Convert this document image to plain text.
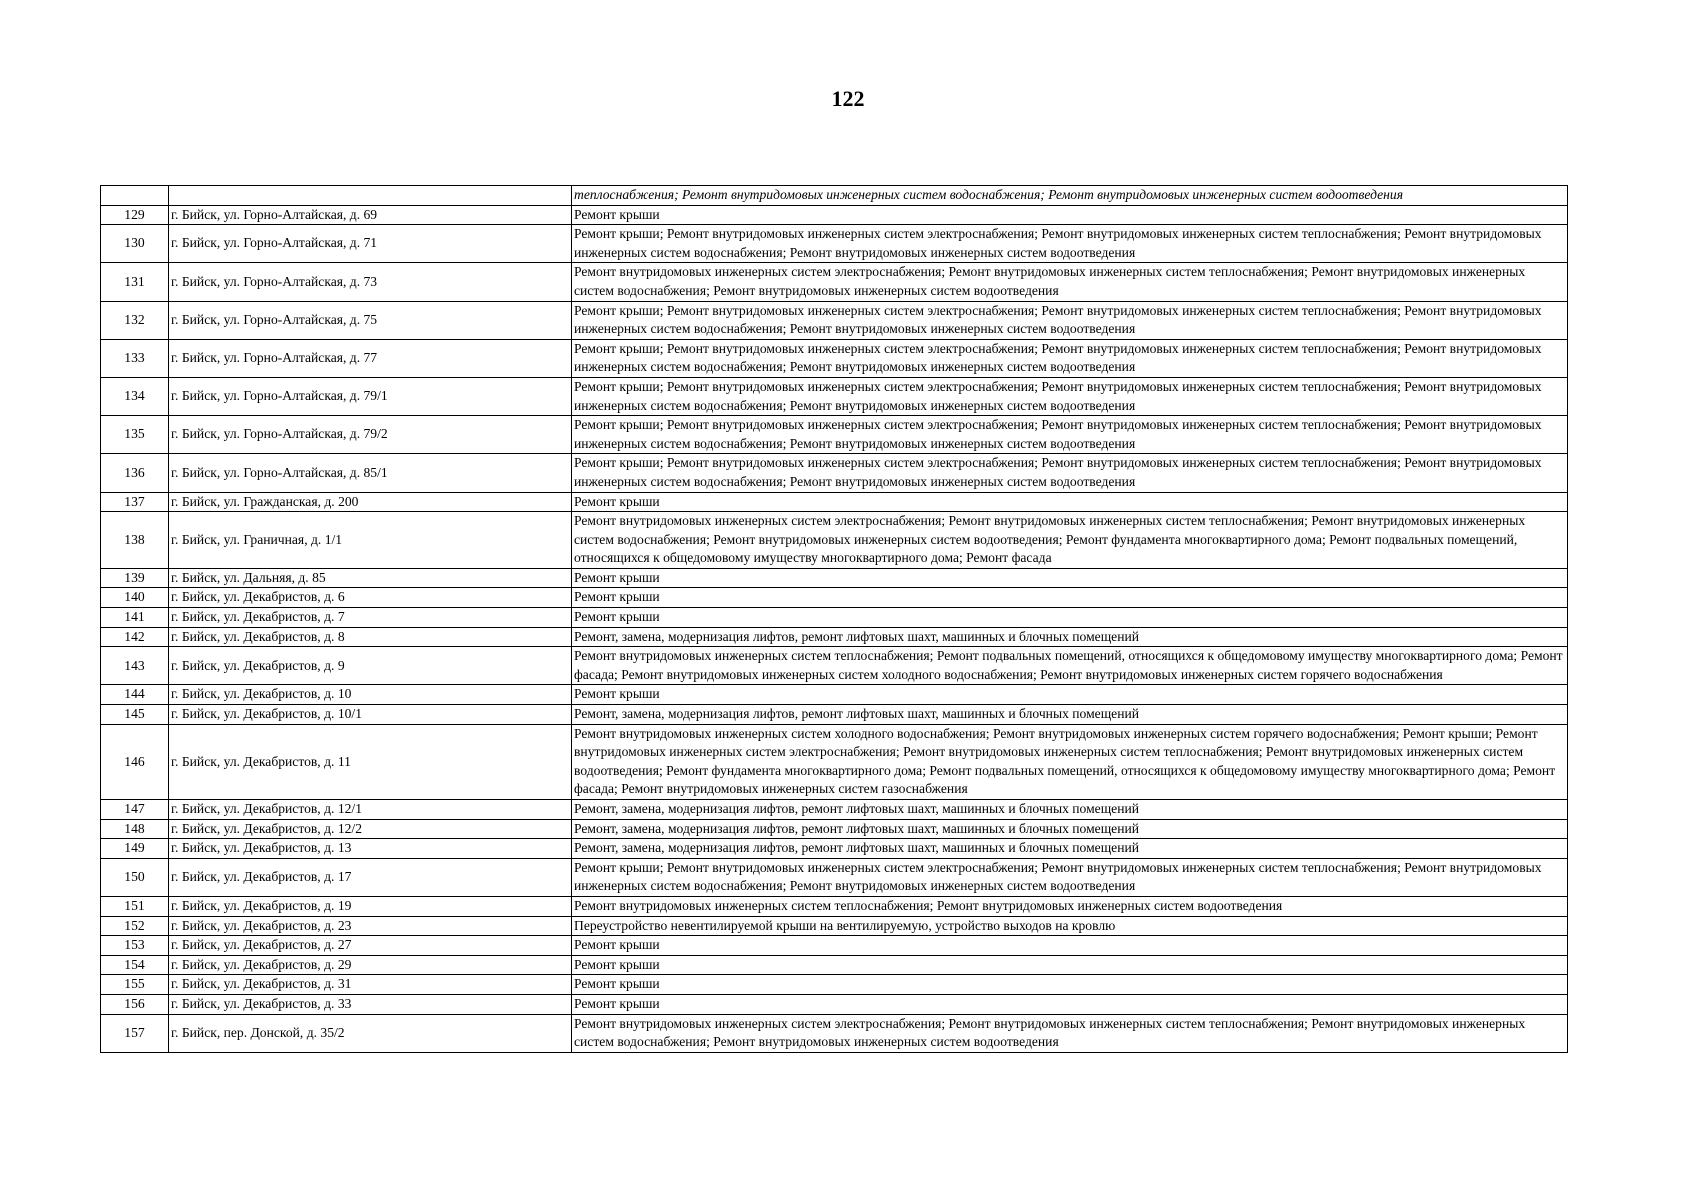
122
		теплоснабжения; Ремонт внутридомовых инженерных систем водоснабжения; Ремонт внутридомовых инженерных систем водоотведения
129	г. Бийск, ул. Горно-Алтайская, д. 69	Ремонт крыши
130	г. Бийск, ул. Горно-Алтайская, д. 71	Ремонт крыши; Ремонт внутридомовых инженерных систем электроснабжения; Ремонт внутридомовых инженерных систем теплоснабжения; Ремонт внутридомовых инженерных систем водоснабжения; Ремонт внутридомовых инженерных систем водоотведения
131	г. Бийск, ул. Горно-Алтайская, д. 73	Ремонт внутридомовых инженерных систем электроснабжения; Ремонт внутридомовых инженерных систем теплоснабжения; Ремонт внутридомовых инженерных систем водоснабжения; Ремонт внутридомовых инженерных систем водоотведения
132	г. Бийск, ул. Горно-Алтайская, д. 75	Ремонт крыши; Ремонт внутридомовых инженерных систем электроснабжения; Ремонт внутридомовых инженерных систем теплоснабжения; Ремонт внутридомовых инженерных систем водоснабжения; Ремонт внутридомовых инженерных систем водоотведения
133	г. Бийск, ул. Горно-Алтайская, д. 77	Ремонт крыши; Ремонт внутридомовых инженерных систем электроснабжения; Ремонт внутридомовых инженерных систем теплоснабжения; Ремонт внутридомовых инженерных систем водоснабжения; Ремонт внутридомовых инженерных систем водоотведения
134	г. Бийск, ул. Горно-Алтайская, д. 79/1	Ремонт крыши; Ремонт внутридомовых инженерных систем электроснабжения; Ремонт внутридомовых инженерных систем теплоснабжения; Ремонт внутридомовых инженерных систем водоснабжения; Ремонт внутридомовых инженерных систем водоотведения
135	г. Бийск, ул. Горно-Алтайская, д. 79/2	Ремонт крыши; Ремонт внутридомовых инженерных систем электроснабжения; Ремонт внутридомовых инженерных систем теплоснабжения; Ремонт внутридомовых инженерных систем водоснабжения; Ремонт внутридомовых инженерных систем водоотведения
136	г. Бийск, ул. Горно-Алтайская, д. 85/1	Ремонт крыши; Ремонт внутридомовых инженерных систем электроснабжения; Ремонт внутридомовых инженерных систем теплоснабжения; Ремонт внутридомовых инженерных систем водоснабжения; Ремонт внутридомовых инженерных систем водоотведения
137	г. Бийск, ул. Гражданская, д. 200	Ремонт крыши
138	г. Бийск, ул. Граничная, д. 1/1	Ремонт внутридомовых инженерных систем электроснабжения; Ремонт внутридомовых инженерных систем теплоснабжения; Ремонт внутридомовых инженерных систем водоснабжения; Ремонт внутридомовых инженерных систем водоотведения; Ремонт фундамента многоквартирного дома; Ремонт подвальных помещений, относящихся к общедомовому имуществу многоквартирного дома; Ремонт фасада
139	г. Бийск, ул. Дальняя, д. 85	Ремонт крыши
140	г. Бийск, ул. Декабристов, д. 6	Ремонт крыши
141	г. Бийск, ул. Декабристов, д. 7	Ремонт крыши
142	г. Бийск, ул. Декабристов, д. 8	Ремонт, замена, модернизация лифтов, ремонт лифтовых шахт, машинных и блочных помещений
143	г. Бийск, ул. Декабристов, д. 9	Ремонт внутридомовых инженерных систем теплоснабжения; Ремонт подвальных помещений, относящихся к общедомовому имуществу многоквартирного дома; Ремонт фасада; Ремонт внутридомовых инженерных систем холодного водоснабжения; Ремонт внутридомовых инженерных систем горячего водоснабжения
144	г. Бийск, ул. Декабристов, д. 10	Ремонт крыши
145	г. Бийск, ул. Декабристов, д. 10/1	Ремонт, замена, модернизация лифтов, ремонт лифтовых шахт, машинных и блочных помещений
146	г. Бийск, ул. Декабристов, д. 11	Ремонт внутридомовых инженерных систем холодного водоснабжения; Ремонт внутридомовых инженерных систем горячего водоснабжения; Ремонт крыши; Ремонт внутридомовых инженерных систем электроснабжения; Ремонт внутридомовых инженерных систем теплоснабжения; Ремонт внутридомовых инженерных систем водоотведения; Ремонт фундамента многоквартирного дома; Ремонт подвальных помещений, относящихся к общедомовому имуществу многоквартирного дома; Ремонт фасада; Ремонт внутридомовых инженерных систем газоснабжения
147	г. Бийск, ул. Декабристов, д. 12/1	Ремонт, замена, модернизация лифтов, ремонт лифтовых шахт, машинных и блочных помещений
148	г. Бийск, ул. Декабристов, д. 12/2	Ремонт, замена, модернизация лифтов, ремонт лифтовых шахт, машинных и блочных помещений
149	г. Бийск, ул. Декабристов, д. 13	Ремонт, замена, модернизация лифтов, ремонт лифтовых шахт, машинных и блочных помещений
150	г. Бийск, ул. Декабристов, д. 17	Ремонт крыши; Ремонт внутридомовых инженерных систем электроснабжения; Ремонт внутридомовых инженерных систем теплоснабжения; Ремонт внутридомовых инженерных систем водоснабжения; Ремонт внутридомовых инженерных систем водоотведения
151	г. Бийск, ул. Декабристов, д. 19	Ремонт внутридомовых инженерных систем теплоснабжения; Ремонт внутридомовых инженерных систем водоотведения
152	г. Бийск, ул. Декабристов, д. 23	Переустройство невентилируемой крыши на вентилируемую, устройство выходов на кровлю
153	г. Бийск, ул. Декабристов, д. 27	Ремонт крыши
154	г. Бийск, ул. Декабристов, д. 29	Ремонт крыши
155	г. Бийск, ул. Декабристов, д. 31	Ремонт крыши
156	г. Бийск, ул. Декабристов, д. 33	Ремонт крыши
157	г. Бийск, пер. Донской, д. 35/2	Ремонт внутридомовых инженерных систем электроснабжения; Ремонт внутридомовых инженерных систем теплоснабжения; Ремонт внутридомовых инженерных систем водоснабжения; Ремонт внутридомовых инженерных систем водоотведения
